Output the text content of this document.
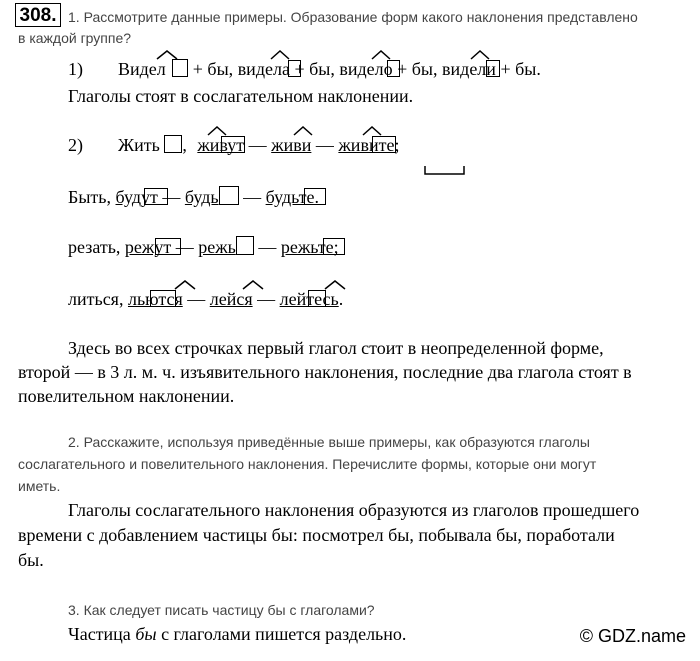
308. 1. Рассмотрите данные примеры. Образование форм какого наклонения представлено
в каждой группе?
1) Видел + бы, видела + бы, видело + бы, видели + бы.
Глаголы стоят в сослагательном наклонении.
2) Жить , живут — живи — живите
;
Быть, будут — будь — будьте
.
резать, режут — режь — режьте
;
литься, льются — лейся — лейтесь
.
Здесь во всех строчках первый глагол стоит в неопределенной форме,
второй — в 3 л. м. ч. изъявительного наклонения, последние два глагола стоят в
повелительном наклонении.
2. Расскажите, используя приведённые выше примеры, как образуются глаголы
сослагательного и повелительного наклонения. Перечислите формы, которые они могут
иметь.
Глаголы сослагательного наклонения образуются из глаголов прошедшего
времени с добавлением частицы бы: посмотрел бы, побывала бы, поработали
бы.
3. Как следует писать частицу бы с глаголами?
Частица бы с глаголами пишется раздельно.	© GDZ.name
